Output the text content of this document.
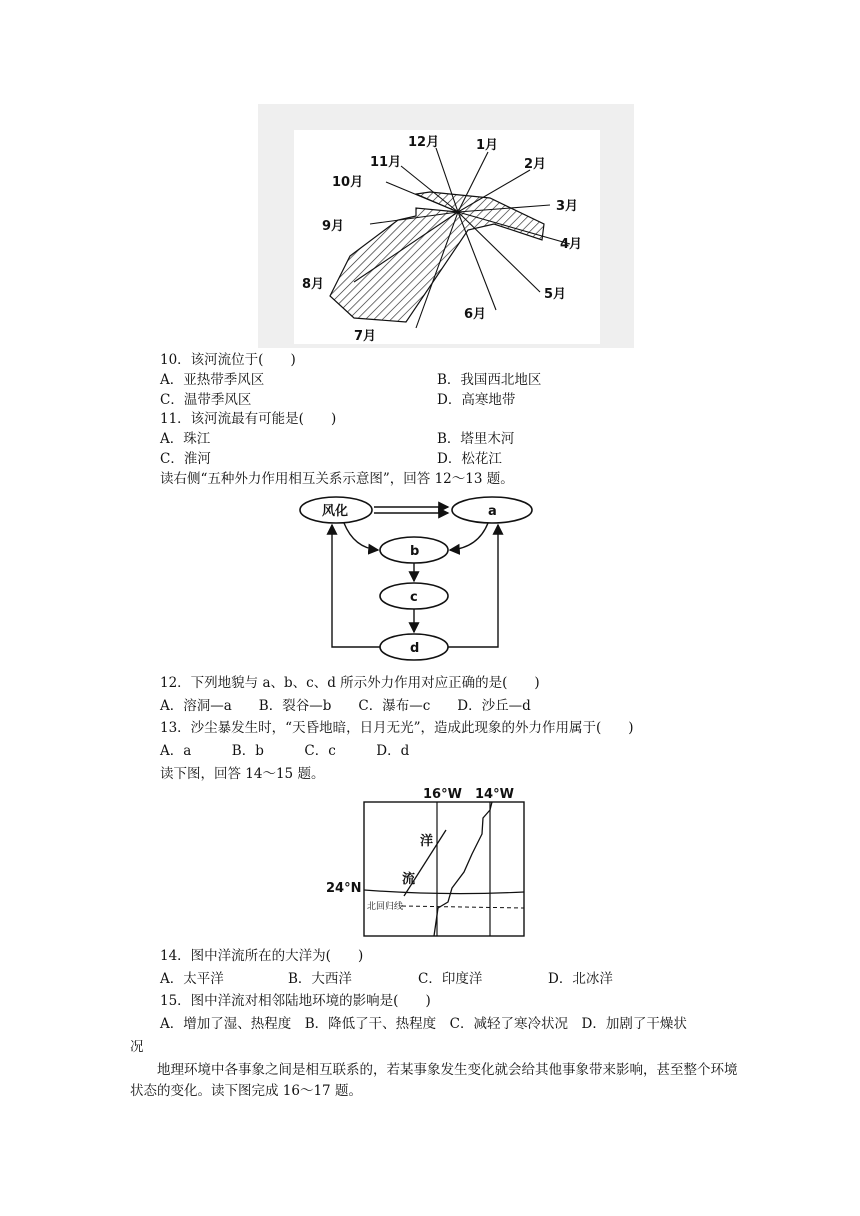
12月	1月
2月
11月
10月
3月
9月
4月
8月
5月
6月
7月
10．该河流位于(　　)
A．亚热带季风区	B．我国西北地区
C．温带季风区	D．高寒地带
11．该河流最有可能是(　　)
A．珠江	B．塔里木河
C．淮河	D．松花江
读右侧“五种外力作用相互关系示意图”，回答 12～13 题。
风化	a
b
c
d
12．下列地貌与 a、b、c、d 所示外力作用对应正确的是(　　)
A．溶洞—a　　B．裂谷—b　　C．瀑布—c　　D．沙丘—d
13．沙尘暴发生时，“天昏地暗，日月无光”，造成此现象的外力作用属于(　　)
A．a　　　B．b　　　C．c　　　D．d
读下图，回答 14～15 题。
16°W 14°W
24°N
北回归线
洋
流
14．图中洋流所在的大洋为(　　)
A．太平洋	B．大西洋	C．印度洋	D．北冰洋
15．图中洋流对相邻陆地环境的影响是(　　)
A．增加了湿、热程度　B．降低了干、热程度　C．减轻了寒冷状况　D．加剧了干燥状
况
地理环境中各事象之间是相互联系的，若某事象发生变化就会给其他事象带来影响，甚至整个环境状态的变化。读下图完成 16～17 题。
